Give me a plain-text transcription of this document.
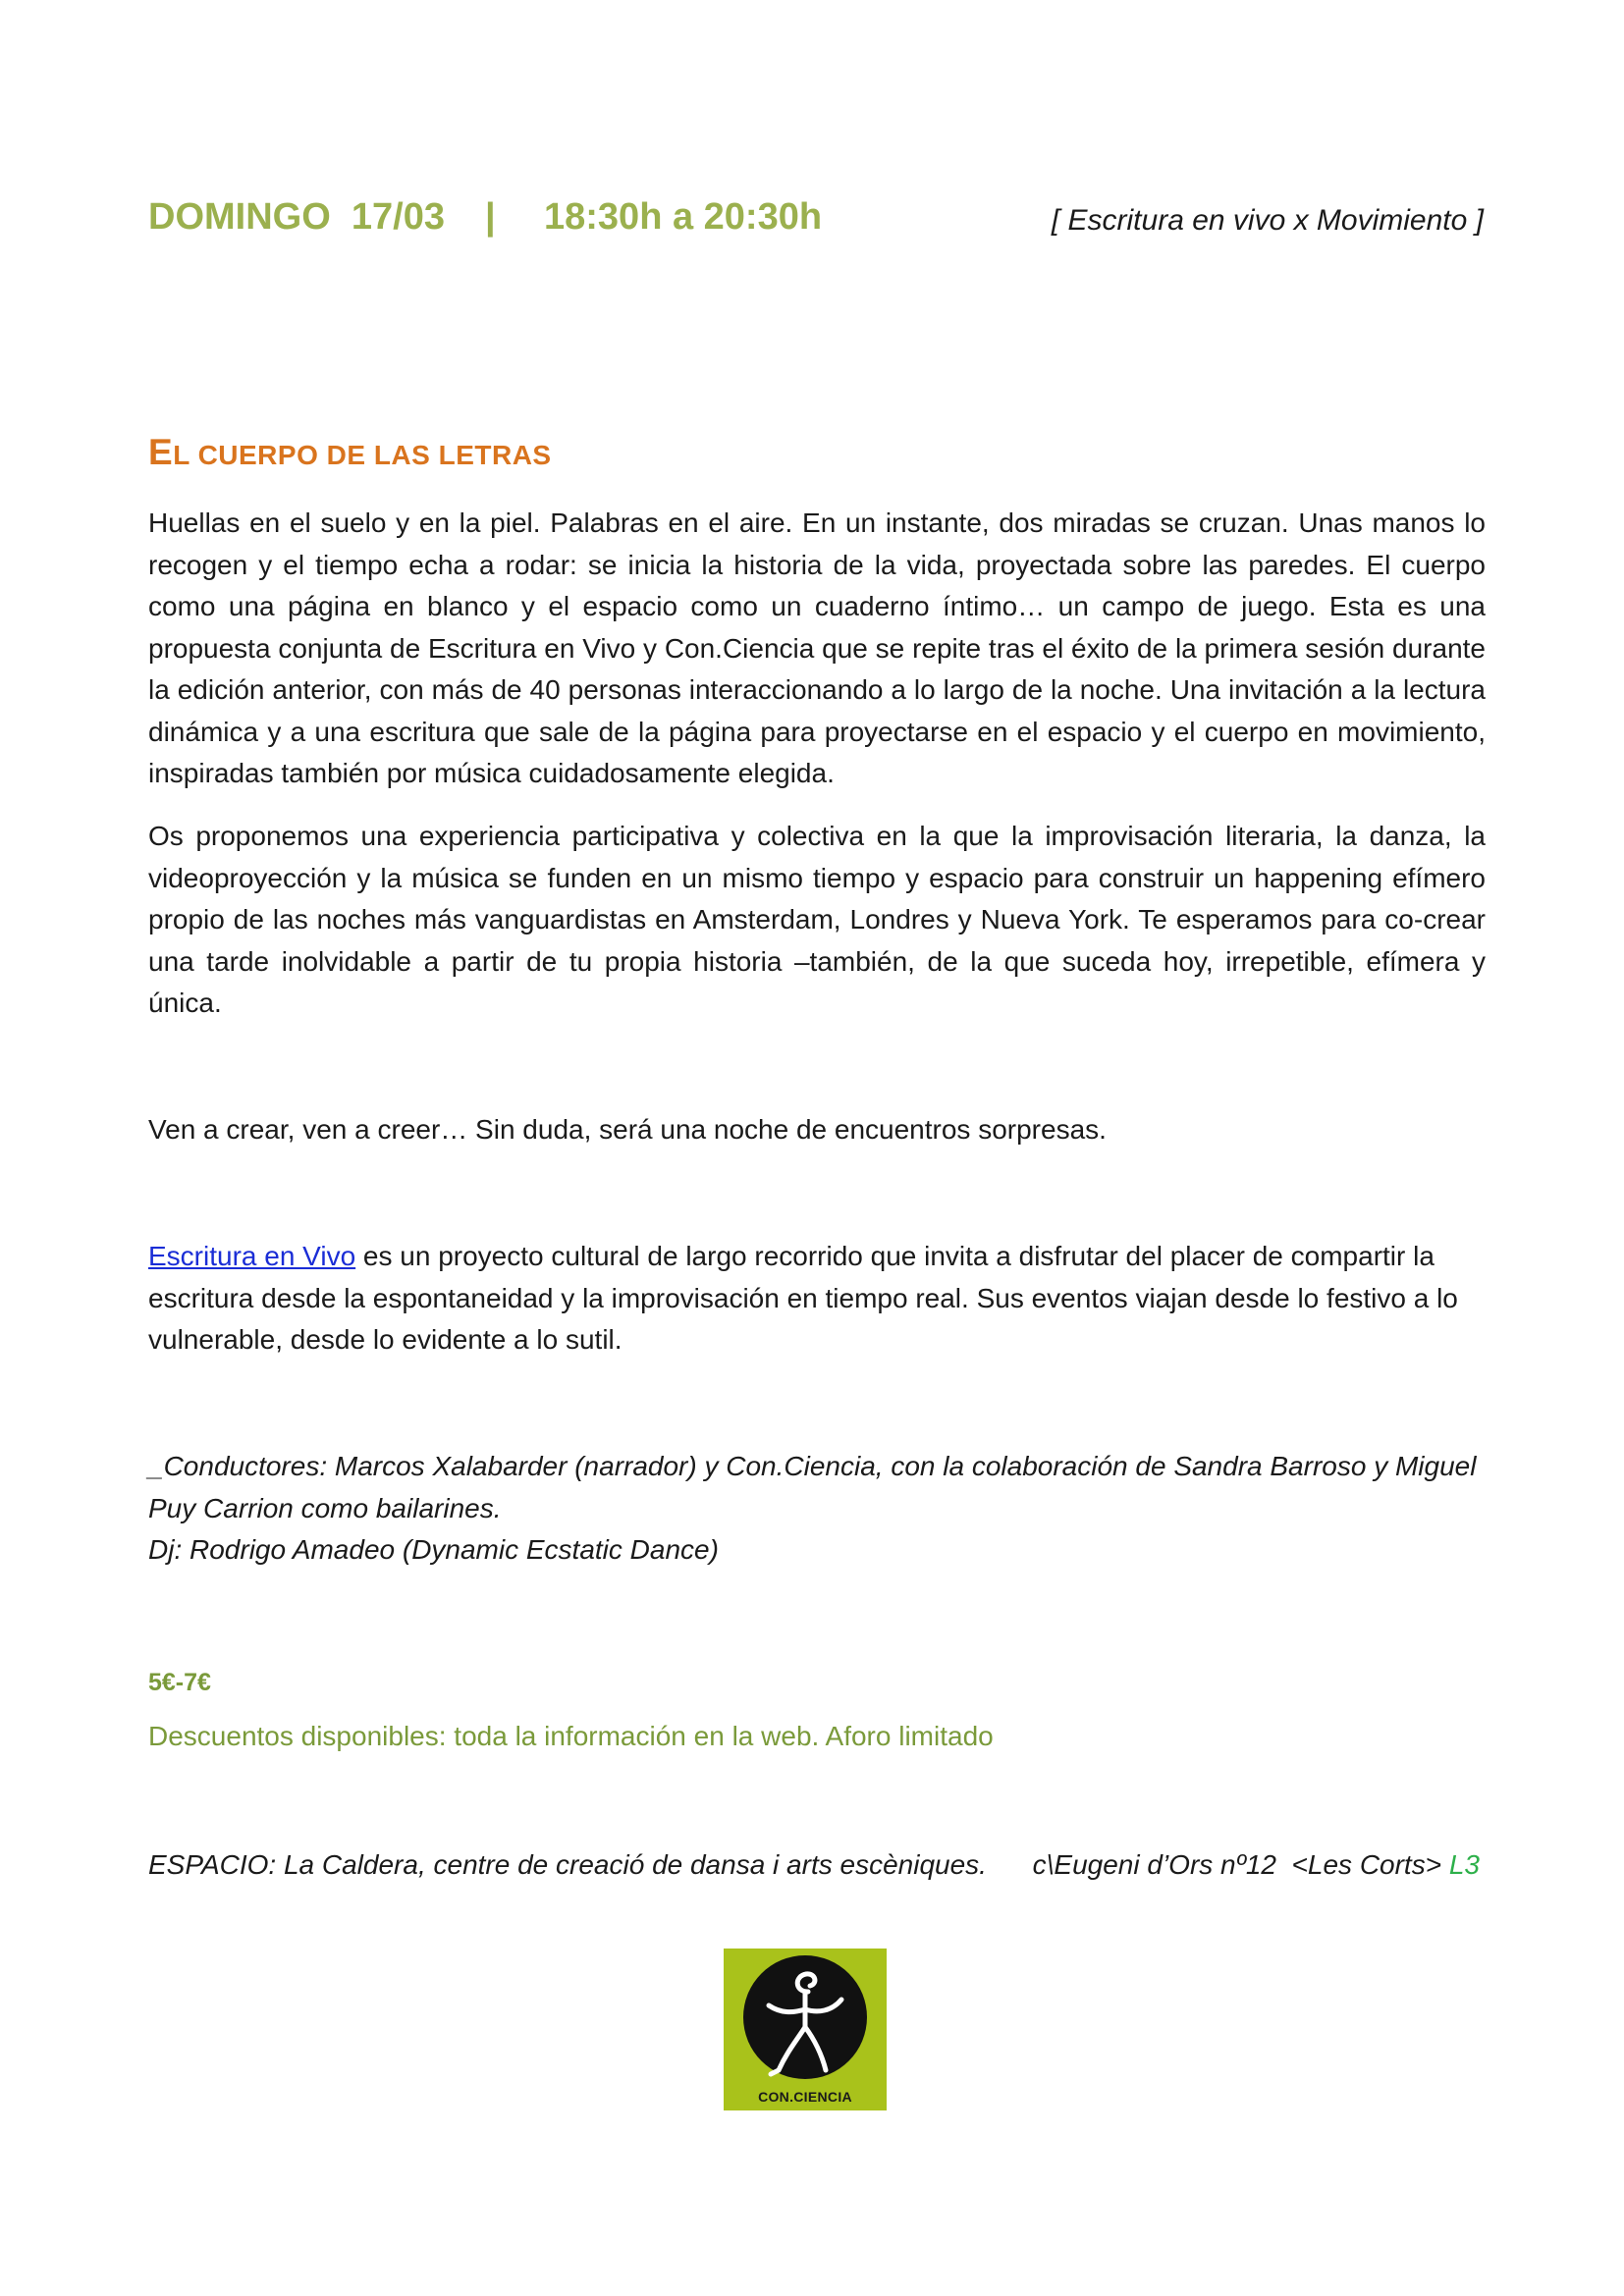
DOMINGO  17/03 | 18:30h a 20:30h	[ Escritura en vivo x Movimiento ]
EL CUERPO DE LAS LETRAS

Huellas en el suelo y en la piel. Palabras en el aire. En un instante, dos miradas se cruzan. Unas manos lo recogen y el tiempo echa a rodar: se inicia la historia de la vida, proyectada sobre las paredes. El cuerpo como una página en blanco y el espacio como un cuaderno íntimo… un campo de juego. Esta es una propuesta conjunta de Escritura en Vivo y Con.Ciencia que se repite tras el éxito de la primera sesión durante la edición anterior, con más de 40 personas interaccionando a lo largo de la noche. Una invitación a la lectura dinámica y a una escritura que sale de la página para proyectarse en el espacio y el cuerpo en movimiento, inspiradas también por música cuidadosamente elegida.

Os proponemos una experiencia participativa y colectiva en la que la improvisación literaria, la danza, la videoproyección y la música se funden en un mismo tiempo y espacio para construir un happening efímero propio de las noches más vanguardistas en Amsterdam, Londres y Nueva York. Te esperamos para co-crear una tarde inolvidable a partir de tu propia historia –también, de la que suceda hoy, irrepetible, efímera y única.

Ven a crear, ven a creer… Sin duda, será una noche de encuentros sorpresas.

Escritura en Vivo es un proyecto cultural de largo recorrido que invita a disfrutar del placer de compartir la escritura desde la espontaneidad y la improvisación en tiempo real. Sus eventos viajan desde lo festivo a lo vulnerable, desde lo evidente a lo sutil.

_Conductores: Marcos Xalabarder (narrador) y Con.Ciencia, con la colaboración de Sandra Barroso y Miguel Puy Carrion como bailarines.
Dj: Rodrigo Amadeo (Dynamic Ecstatic Dance)

5€-7€

Descuentos disponibles: toda la información en la web. Aforo limitado

ESPACIO: La Caldera, centre de creació de dansa i arts escèniques.      c\Eugeni d’Ors nº12  <Les Corts> L3

CON.CIENCIA
